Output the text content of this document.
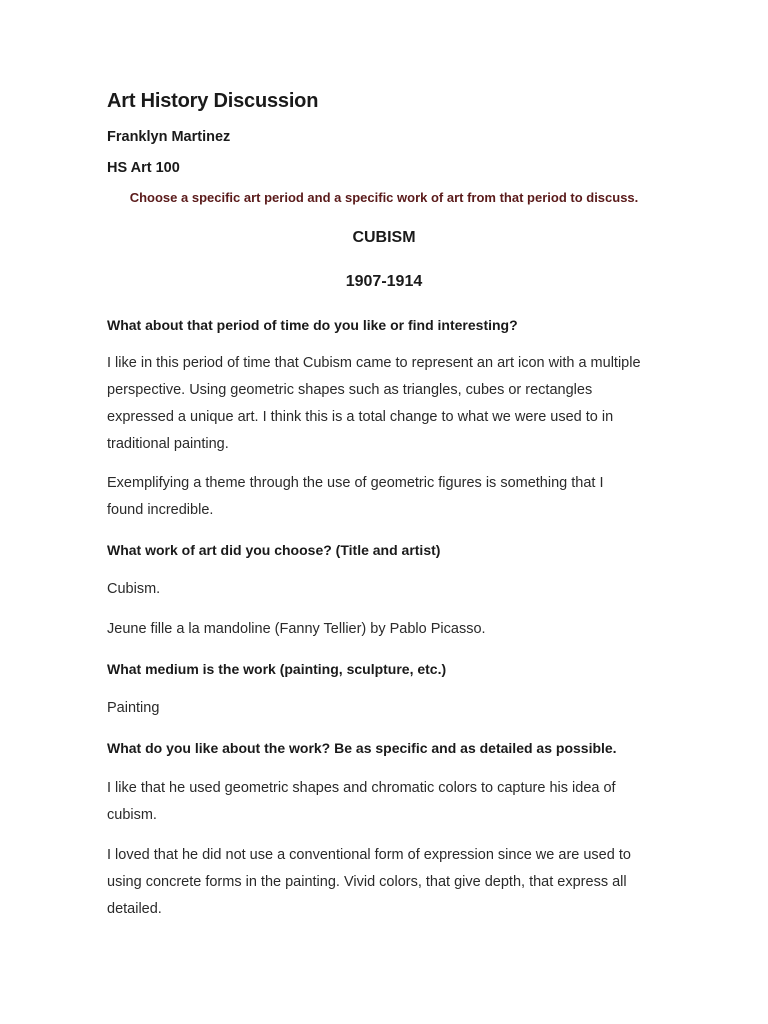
Art History Discussion
Franklyn Martinez
HS Art 100
Choose a specific art period and a specific work of art from that period to discuss.
CUBISM
1907-1914
What about that period of time do you like or find interesting?
I like in this period of time that Cubism came to represent an art icon with a multiple
perspective. Using geometric shapes such as triangles, cubes or rectangles
expressed a unique art. I think this is a total change to what we were used to in
traditional painting.
Exemplifying a theme through the use of geometric figures is something that I
found incredible.
What work of art did you choose? (Title and artist)
Cubism.
Jeune fille a la mandoline (Fanny Tellier) by Pablo Picasso.
What medium is the work (painting, sculpture, etc.)
Painting
What do you like about the work? Be as specific and as detailed as possible.
I like that he used geometric shapes and chromatic colors to capture his idea of
cubism.
I loved that he did not use a conventional form of expression since we are used to
using concrete forms in the painting. Vivid colors, that give depth, that express all
detailed.
